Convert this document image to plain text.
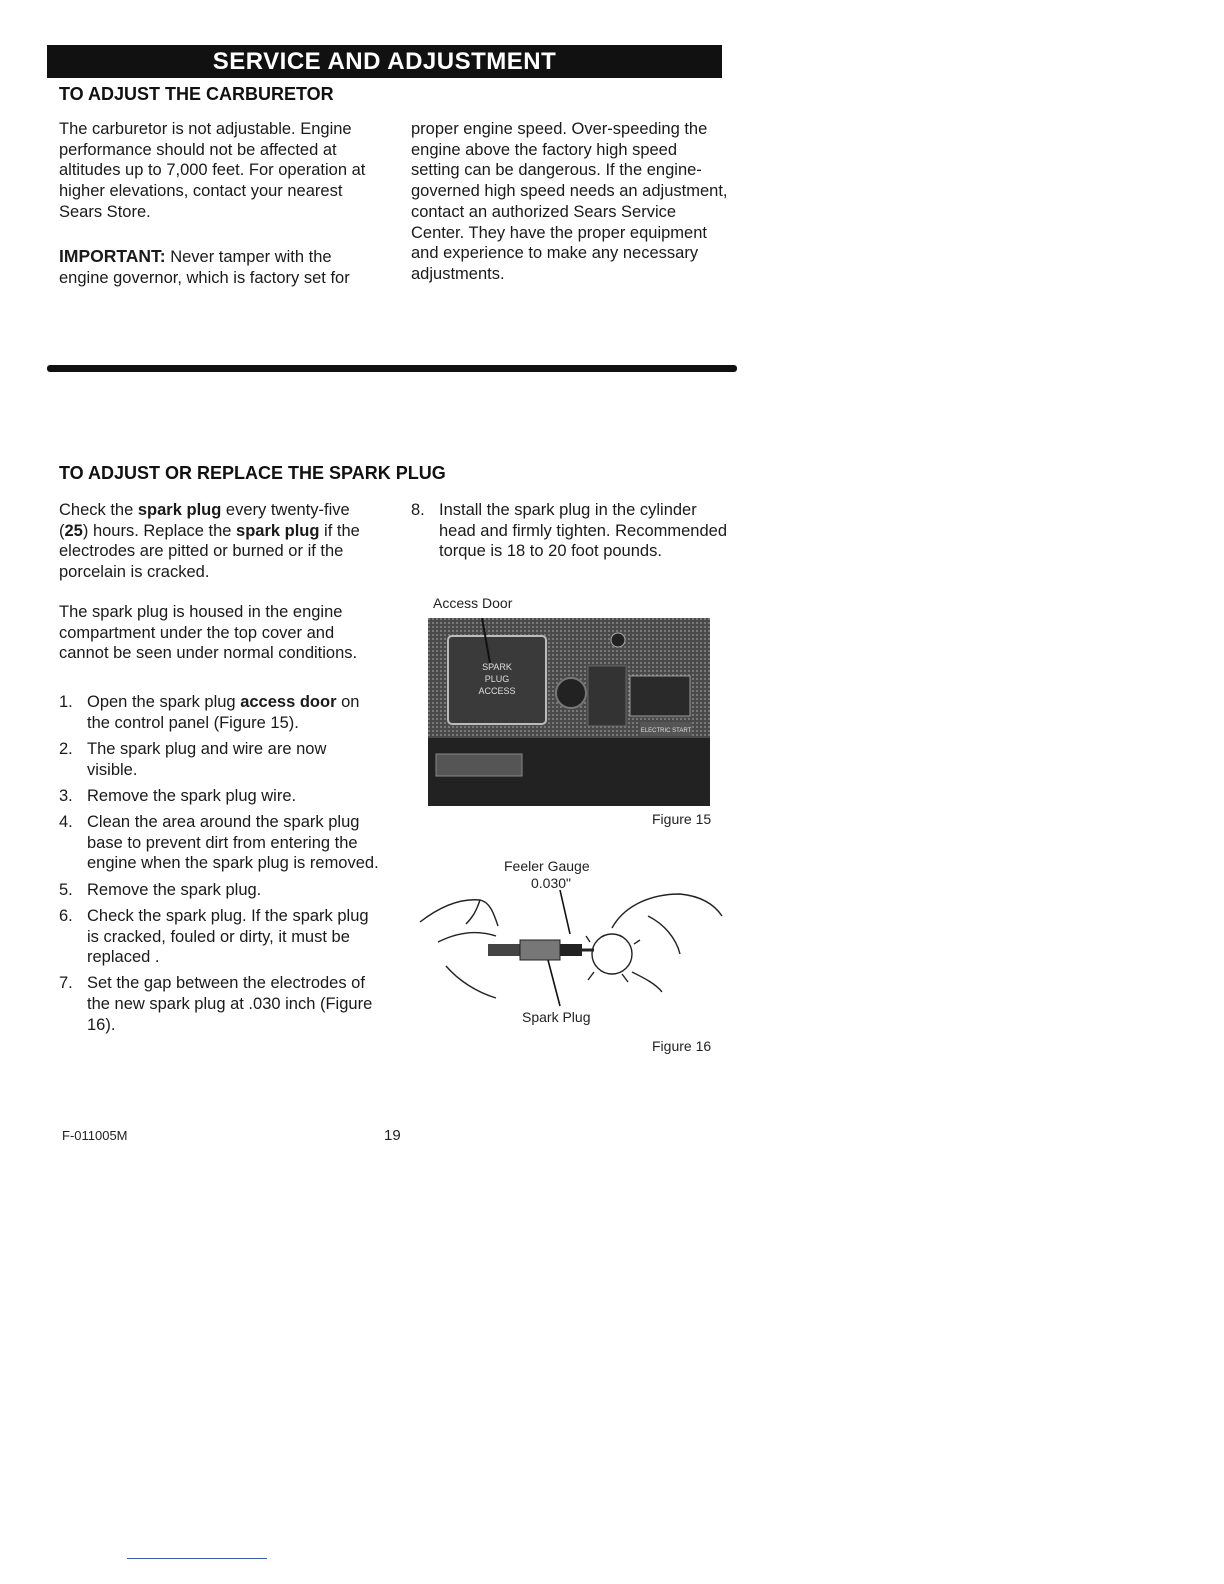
SERVICE AND ADJUSTMENT
TO ADJUST THE CARBURETOR

The carburetor is not adjustable. Engine performance should not be affected at altitudes up to 7,000 feet. For operation at higher elevations, contact your nearest Sears Store.

IMPORTANT: Never tamper with the engine governor, which is factory set for

proper engine speed. Over-speeding the engine above the factory high speed setting can be dangerous. If the engine-governed high speed needs an adjustment, contact an authorized Sears Service Center. They have the proper equipment and experience to make any necessary adjustments.

TO ADJUST OR REPLACE THE SPARK PLUG

Check the spark plug every twenty-five (25) hours. Replace the spark plug if the electrodes are pitted or burned or if the porcelain is cracked.

The spark plug is housed in the engine compartment under the top cover and cannot be seen under normal conditions.

1. Open the spark plug access door on the control panel (Figure 15).
2. The spark plug and wire are now visible.
3. Remove the spark plug wire.
4. Clean the area around the spark plug base to prevent dirt from entering the engine when the spark plug is removed.
5. Remove the spark plug.
6. Check the spark plug. If the spark plug is cracked, fouled or dirty, it must be replaced .
7. Set the gap between the electrodes of the new spark plug at .030 inch (Figure 16).
8. Install the spark plug in the cylinder head and firmly tighten. Recommended torque is 18 to 20 foot pounds.
Access Door
SPARK
PLUG
ACCESS
ELECTRIC START
Figure 15
Feeler Gauge
0.030"
Spark Plug
Figure 16
F-011005M	19
